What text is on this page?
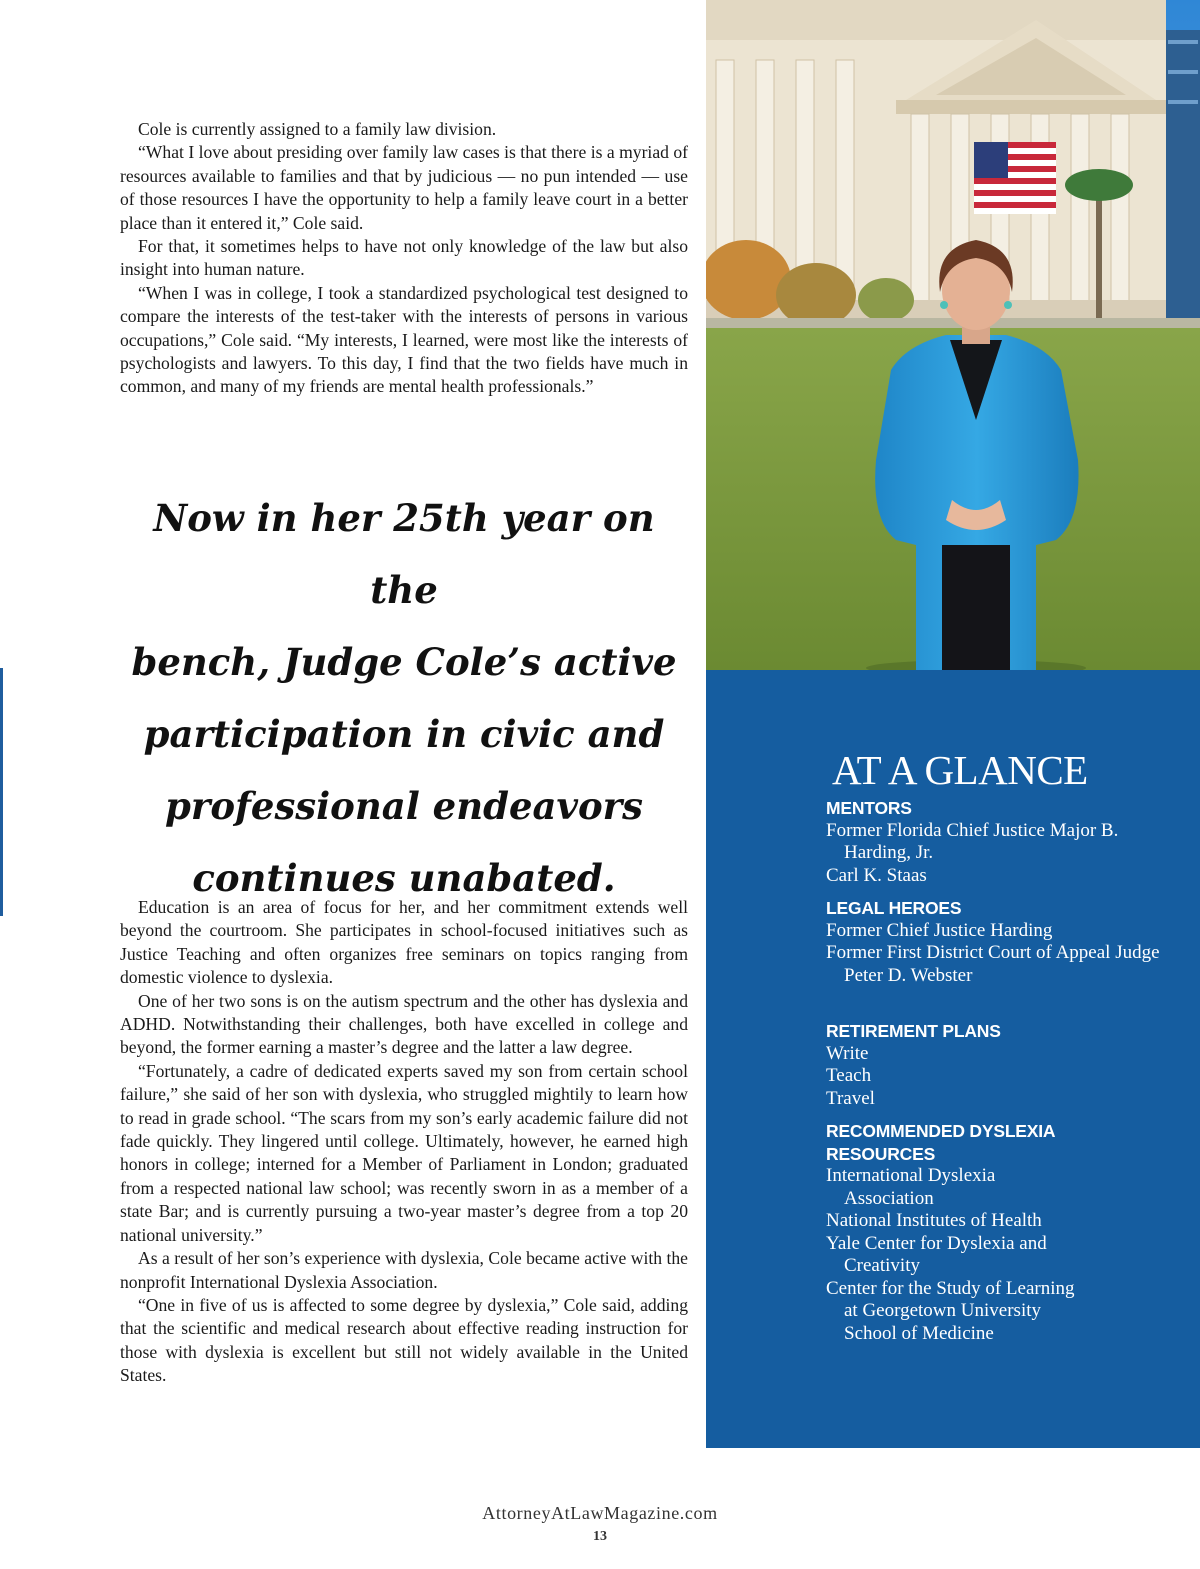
Cole is currently assigned to a family law division.

“What I love about presiding over family law cases is that there is a myriad of resources available to families and that by judicious — no pun intended — use of those resources I have the opportunity to help a family leave court in a better place than it entered it,” Cole said.

For that, it sometimes helps to have not only knowledge of the law but also insight into human nature.

“When I was in college, I took a standardized psychological test designed to compare the interests of the test-taker with the interests of persons in various occupations,” Cole said. “My interests, I learned, were most like the interests of psychologists and lawyers. To this day, I find that the two fields have much in common, and many of my friends are mental health professionals.”

Now in her 25th year on the
bench, Judge Cole’s active
participation in civic and
professional endeavors
continues unabated.

Education is an area of focus for her, and her commitment extends well beyond the courtroom. She participates in school-focused initiatives such as Justice Teaching and often organizes free seminars on topics ranging from domestic violence to dyslexia.

One of her two sons is on the autism spectrum and the other has dyslexia and ADHD. Notwithstanding their challenges, both have excelled in college and beyond, the former earning a master’s degree and the latter a law degree.

“Fortunately, a cadre of dedicated experts saved my son from certain school failure,” she said of her son with dyslexia, who struggled mightily to learn how to read in grade school. “The scars from my son’s early academic failure did not fade quickly. They lingered until college. Ultimately, however, he earned high honors in college; interned for a Member of Parliament in London; graduated from a respected national law school; was recently sworn in as a member of a state Bar; and is currently pursuing a two-year master’s degree from a top 20 national university.”

As a result of her son’s experience with dyslexia, Cole became active with the nonprofit International Dyslexia Association.

“One in five of us is affected to some degree by dyslexia,” Cole said, adding that the scientific and medical research about effective reading instruction for those with dyslexia is excellent but still not widely available in the United States.

AT A GLANCE
MENTORS
Former Florida Chief Justice Major B. Harding, Jr.
Carl K. Staas
LEGAL HEROES
Former Chief Justice Harding
Former First District Court of Appeal Judge Peter D. Webster
RETIREMENT PLANS
Write
Teach
Travel
RECOMMENDED DYSLEXIA RESOURCES
International Dyslexia Association
National Institutes of Health
Yale Center for Dyslexia and Creativity
Center for the Study of Learning at Georgetown University School of Medicine
AttorneyAtLawMagazine.com
13
